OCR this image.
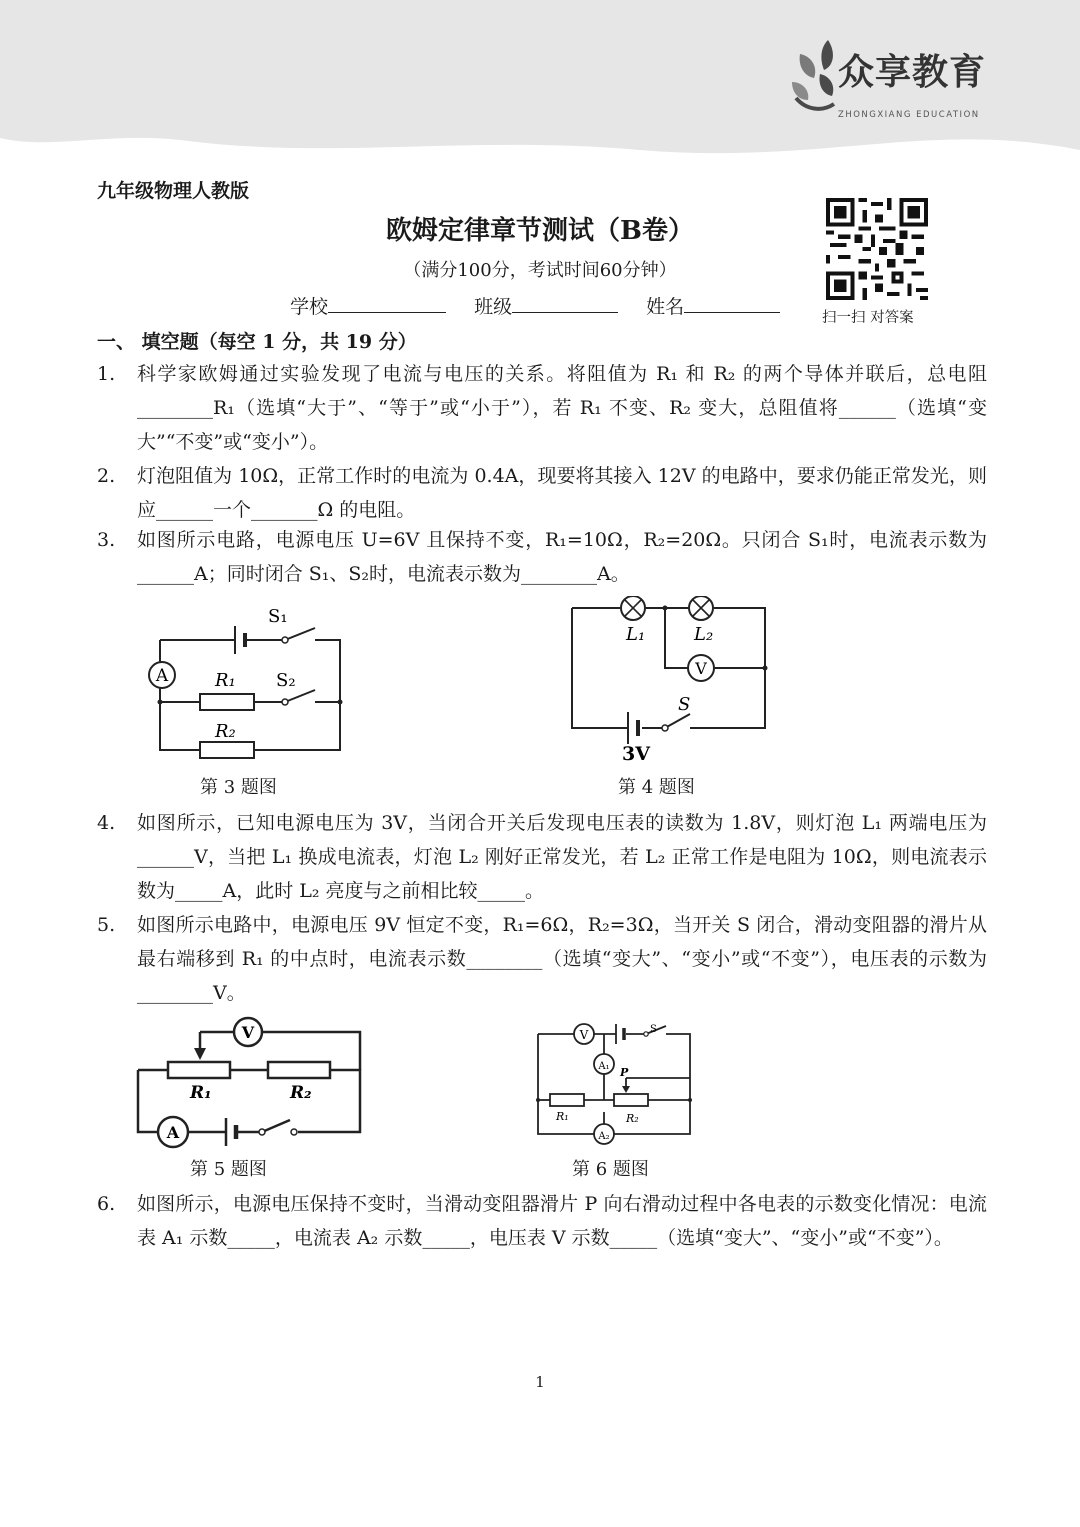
众享教育
ZHONGXIANG EDUCATION
九年级物理人教版
欧姆定律章节测试（B卷）
（满分100分，考试时间60分钟）
学校	班级	姓名	扫一扫 对答案
一、 填空题（每空 1 分，共 19 分）
1. 科学家欧姆通过实验发现了电流与电压的关系。将阻值为 R₁ 和 R₂ 的两个导体并联后，总电阻________R₁（选填“大于”、“等于”或“小于”），若 R₁ 不变、R₂ 变大，总阻值将______（选填“变大”“不变”或“变小”）。
2. 灯泡阻值为 10Ω，正常工作时的电流为 0.4A，现要将其接入 12V 的电路中，要求仍能正常发光，则应______一个_______Ω 的电阻。
3. 如图所示电路，电源电压 U=6V 且保持不变，R₁=10Ω，R₂=20Ω。只闭合 S₁时，电流表示数为______A；同时闭合 S₁、S₂时，电流表示数为________A。
A
S₁
R₁ S₂
R₂
第 3 题图
V
L₁	L₂
S
3V
第 4 题图
4. 如图所示，已知电源电压为 3V，当闭合开关后发现电压表的读数为 1.8V，则灯泡 L₁ 两端电压为______V，当把 L₁ 换成电流表，灯泡 L₂ 刚好正常发光，若 L₂ 正常工作是电阻为 10Ω，则电流表示数为_____A，此时 L₂ 亮度与之前相比较_____。
5. 如图所示电路中，电源电压 9V 恒定不变，R₁=6Ω，R₂=3Ω，当开关 S 闭合，滑动变阻器的滑片从最右端移到 R₁ 的中点时，电流表示数________（选填“变大”、“变小”或“不变”），电压表的示数为________V。
V
A
R₁	R₂
第 5 题图
V
A₁
A₂
S
P
R₁	R₂
第 6 题图
6. 如图所示，电源电压保持不变时，当滑动变阻器滑片 P 向右滑动过程中各电表的示数变化情况：电流表 A₁ 示数_____，电流表 A₂ 示数_____，电压表 V 示数_____（选填“变大”、“变小”或“不变”）。
1
